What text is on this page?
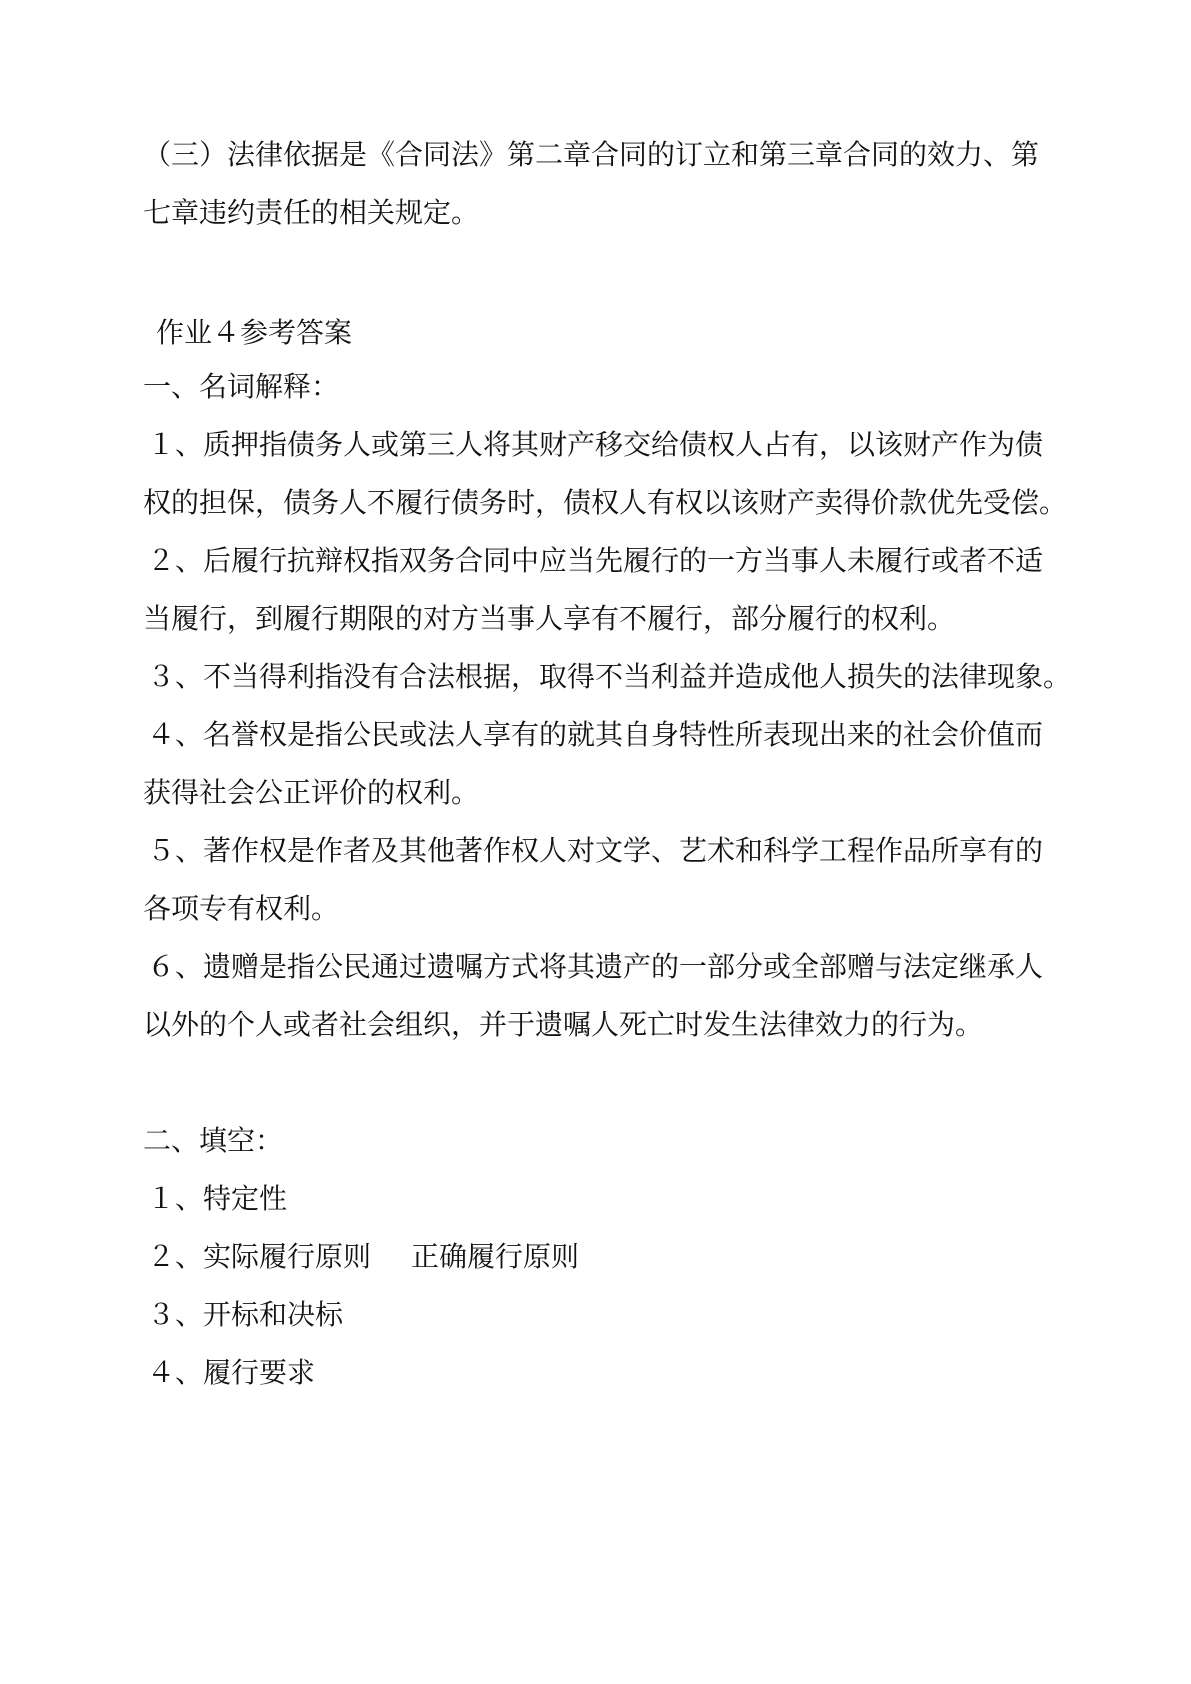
（三）法律依据是《合同法》第二章合同的订立和第三章合同的效力、第
七章违约责任的相关规定。
作业４参考答案
一、名词解释：
１、质押指债务人或第三人将其财产移交给债权人占有，以该财产作为债
权的担保，债务人不履行债务时，债权人有权以该财产卖得价款优先受偿。
２、后履行抗辩权指双务合同中应当先履行的一方当事人未履行或者不适
当履行，到履行期限的对方当事人享有不履行，部分履行的权利。
３、不当得利指没有合法根据，取得不当利益并造成他人损失的法律现象。
４、名誉权是指公民或法人享有的就其自身特性所表现出来的社会价值而
获得社会公正评价的权利。
５、著作权是作者及其他著作权人对文学、艺术和科学工程作品所享有的
各项专有权利。
６、遗赠是指公民通过遗嘱方式将其遗产的一部分或全部赠与法定继承人
以外的个人或者社会组织，并于遗嘱人死亡时发生法律效力的行为。
二、填空：
１、特定性
２、实际履行原则 正确履行原则
３、开标和决标
４、履行要求
